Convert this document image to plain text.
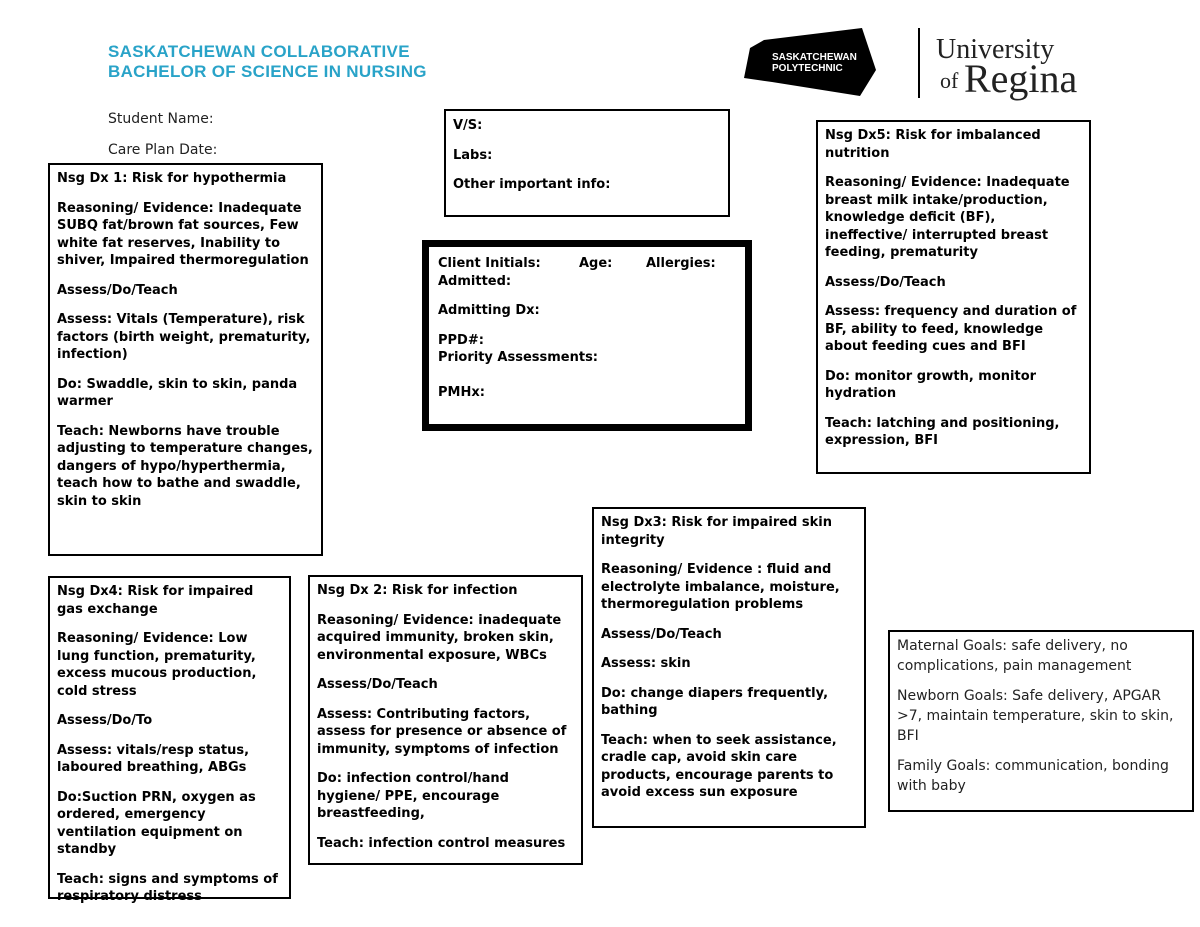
SASKATCHEWAN COLLABORATIVE
BACHELOR OF SCIENCE IN NURSING
SASKATCHEWAN
POLYTECHNIC
University
of Regina
Student Name:
Care Plan Date:

V/S:

Labs:

Other important info:

Client Initials:	Age:	Allergies:
Admitted:
Admitting Dx:
PPD#:
Priority Assessments:
PMHx:

Nsg Dx 1: Risk for hypothermia

Reasoning/ Evidence: Inadequate SUBQ fat/brown fat sources, Few white fat reserves, Inability to shiver, Impaired thermoregulation

Assess/Do/Teach

Assess: Vitals (Temperature), risk factors (birth weight, prematurity, infection)

Do: Swaddle, skin to skin, panda warmer

Teach: Newborns have trouble adjusting to temperature changes, dangers of hypo/hyperthermia, teach how to bathe and swaddle, skin to skin

Nsg Dx5: Risk for imbalanced nutrition

Reasoning/ Evidence: Inadequate breast milk intake/production, knowledge deficit (BF), ineffective/ interrupted breast feeding, prematurity

Assess/Do/Teach

Assess: frequency and duration of BF, ability to feed, knowledge about feeding cues and BFI

Do: monitor growth, monitor hydration

Teach: latching and positioning, expression, BFI

Nsg Dx3: Risk for impaired skin integrity

Reasoning/ Evidence : fluid and electrolyte imbalance, moisture, thermoregulation problems

Assess/Do/Teach

Assess: skin

Do: change diapers frequently, bathing

Teach: when to seek assistance, cradle cap, avoid skin care products, encourage parents to avoid excess sun exposure

Nsg Dx4: Risk for impaired gas exchange

Reasoning/ Evidence: Low lung function, prematurity, excess mucous production, cold stress

Assess/Do/To

Assess: vitals/resp status, laboured breathing, ABGs

Do:Suction PRN, oxygen as ordered, emergency ventilation equipment on standby

Teach: signs and symptoms of respiratory distress

Nsg Dx 2: Risk for infection

Reasoning/ Evidence: inadequate acquired immunity, broken skin, environmental exposure, WBCs

Assess/Do/Teach

Assess: Contributing factors, assess for presence or absence of immunity, symptoms of infection

Do: infection control/hand hygiene/ PPE, encourage breastfeeding,

Teach: infection control measures

Maternal Goals: safe delivery, no complications, pain management

Newborn Goals: Safe delivery, APGAR >7, maintain temperature, skin to skin, BFI

Family Goals: communication, bonding with baby
